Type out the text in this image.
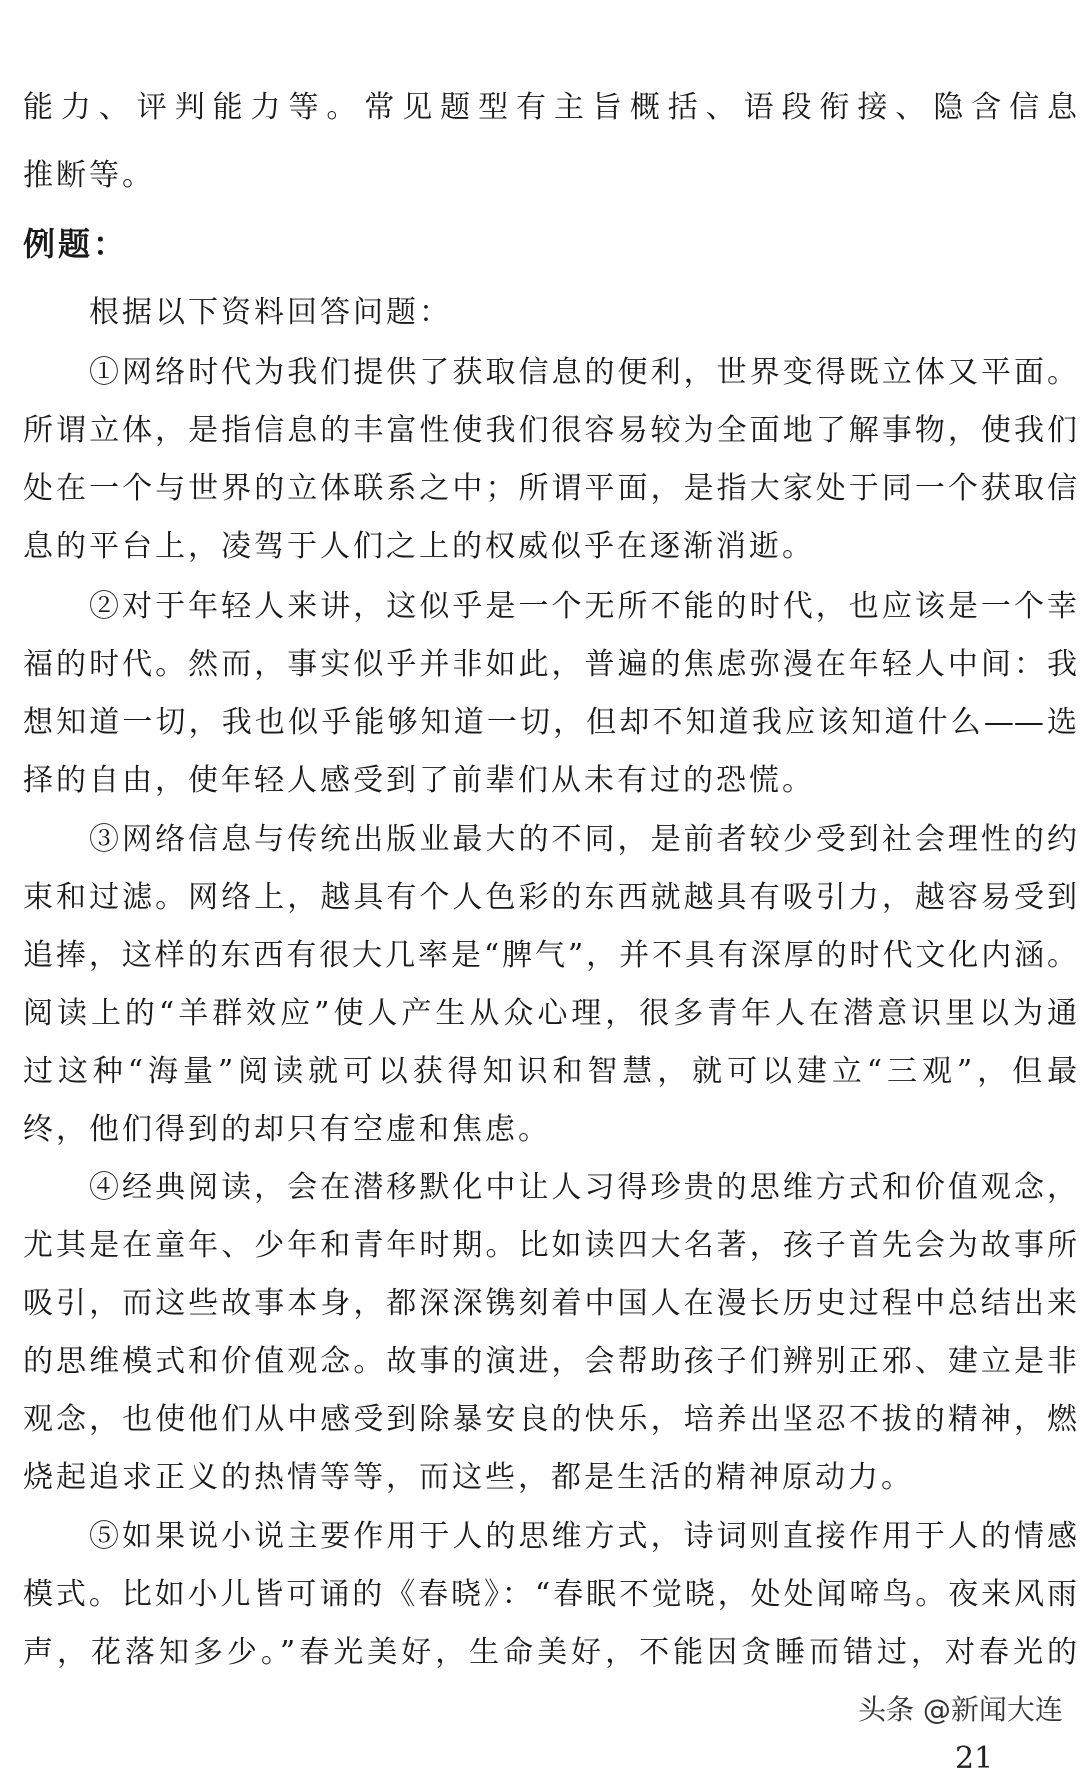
能力、评判能力等。常见题型有主旨概括、语段衔接、隐含信息
推断等。
例题：
根据以下资料回答问题：
①网络时代为我们提供了获取信息的便利，世界变得既立体又平面。
所谓立体，是指信息的丰富性使我们很容易较为全面地了解事物，使我们
处在一个与世界的立体联系之中；所谓平面，是指大家处于同一个获取信
息的平台上，凌驾于人们之上的权威似乎在逐渐消逝。
②对于年轻人来讲，这似乎是一个无所不能的时代，也应该是一个幸
福的时代。然而，事实似乎并非如此，普遍的焦虑弥漫在年轻人中间：我
想知道一切，我也似乎能够知道一切，但却不知道我应该知道什么——选
择的自由，使年轻人感受到了前辈们从未有过的恐慌。
③网络信息与传统出版业最大的不同，是前者较少受到社会理性的约
束和过滤。网络上，越具有个人色彩的东西就越具有吸引力，越容易受到
追捧，这样的东西有很大几率是“脾气”，并不具有深厚的时代文化内涵。
阅读上的“羊群效应”使人产生从众心理，很多青年人在潜意识里以为通
过这种“海量”阅读就可以获得知识和智慧，就可以建立“三观”，但最
终，他们得到的却只有空虚和焦虑。
④经典阅读，会在潜移默化中让人习得珍贵的思维方式和价值观念，
尤其是在童年、少年和青年时期。比如读四大名著，孩子首先会为故事所
吸引，而这些故事本身，都深深镌刻着中国人在漫长历史过程中总结出来
的思维模式和价值观念。故事的演进，会帮助孩子们辨别正邪、建立是非
观念，也使他们从中感受到除暴安良的快乐，培养出坚忍不拔的精神，燃
烧起追求正义的热情等等，而这些，都是生活的精神原动力。
⑤如果说小说主要作用于人的思维方式，诗词则直接作用于人的情感
模式。比如小儿皆可诵的《春晓》：“春眠不觉晓，处处闻啼鸟。夜来风雨
声，花落知多少。”春光美好，生命美好，不能因贪睡而错过，对春光的
头条 @新闻大连
21
